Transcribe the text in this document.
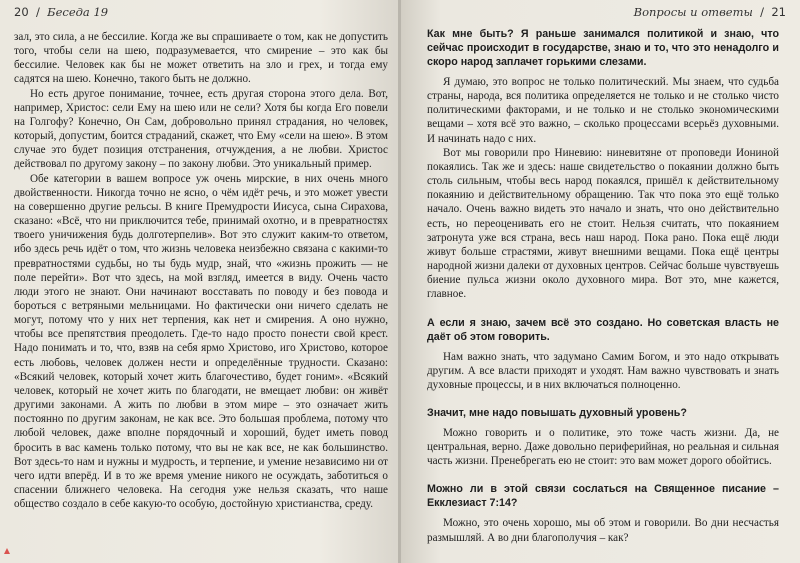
20 / Беседа 19

зал, это сила, а не бессилие. Когда же вы спрашиваете о том, как не допустить того, чтобы сели на шею, подразумевается, что смирение – это как бы бессилие. Человек как бы не может ответить на зло и грех, и тогда ему садятся на шею. Конечно, такого быть не должно.

Но есть другое понимание, точнее, есть другая сторона этого дела. Вот, например, Христос: сели Ему на шею или не сели? Хотя бы когда Его повели на Голгофу? Конечно, Он Сам, добровольно принял страдания, но человек, который, допустим, боится страданий, скажет, что Ему «сели на шею». В этом случае это будет позиция отстранения, отчуждения, а не любви. Христос действовал по другому закону – по закону любви. Это уникальный пример.

Обе категории в вашем вопросе уж очень мирские, в них очень много двойственности. Никогда точно не ясно, о чём идёт речь, и это может увести на совершенно другие рельсы. В книге Премудрости Иисуса, сына Сирахова, сказано: «Всё, что ни приключится тебе, принимай охотно, и в превратностях твоего уничижения будь долготерпелив». Вот это служит каким-то ответом, ибо здесь речь идёт о том, что жизнь человека неизбежно связана с какими-то превратностями судьбы, но ты будь мудр, знай, что «жизнь прожить — не поле перейти». Вот что здесь, на мой взгляд, имеется в виду. Очень часто люди этого не знают. Они начинают восставать по поводу и без повода и бороться с ветряными мельницами. Но фактически они ничего сделать не могут, потому что у них нет терпения, как нет и смирения. А оно нужно, чтобы все препятствия преодолеть. Где-то надо просто понести свой крест. Надо понимать и то, что, взяв на себя ярмо Христово, иго Христово, которое есть любовь, человек должен нести и определённые трудности. Сказано: «Всякий человек, который хочет жить благочестиво, будет гоним». «Всякий человек, который не хочет жить по благодати, не вмещает любви: он живёт другими законами. А жить по любви в этом мире – это означает жить постоянно по другим законам, не как все. Это большая проблема, потому что любой человек, даже вполне порядочный и хороший, будет иметь повод бросить в вас камень только потому, что вы не как все, не как большинство. Вот здесь-то нам и нужны и мудрость, и терпение, и умение независимо ни от чего идти вперёд. И в то же время умение никого не осуждать, заботиться о спасении ближнего человека. На сегодня уже нельзя сказать, что наше общество создало в себе какую-то особую, достойную христианства, среду.

Вопросы и ответы / 21
Как мне быть? Я раньше занимался политикой и знаю, что сейчас происходит в государстве, знаю и то, что это ненадолго и скоро народ заплачет горькими слезами.

Я думаю, это вопрос не только политический. Мы знаем, что судьба страны, народа, вся политика определяется не только и не столько чисто политическими факторами, и не только и не столько экономическими вещами – хотя всё это важно, – сколько процессами всерьёз духовными. И начинать надо с них.

Вот мы говорили про Ниневию: ниневитяне от проповеди Иониной покаялись. Так же и здесь: наше свидетельство о покаянии должно быть столь сильным, чтобы весь народ покаялся, пришёл к действительному покаянию и действительному обращению. Так что пока это ещё только начало. Очень важно видеть это начало и знать, что оно действительно есть, но переоценивать его не стоит. Нельзя считать, что покаянием затронута уже вся страна, весь наш народ. Пока рано. Пока ещё люди живут больше страстями, живут внешними вещами. Пока ещё центры народной жизни далеки от духовных центров. Сейчас больше чувствуешь биение пульса жизни около духовного мира. Вот это, мне кажется, главное.

А если я знаю, зачем всё это создано. Но советская власть не даёт об этом говорить.

Нам важно знать, что задумано Самим Богом, и это надо открывать другим. А все власти приходят и уходят. Нам важно чувствовать и знать духовные процессы, и в них включаться полноценно.

Значит, мне надо повышать духовный уровень?

Можно говорить и о политике, это тоже часть жизни. Да, не центральная, верно. Даже довольно периферийная, но реальная и сильная часть жизни. Пренебрегать ею не стоит: это вам может дорого обойтись.

Можно ли в этой связи сослаться на Священное писание – Екклезиаст 7:14?

Можно, это очень хорошо, мы об этом и говорили. Во дни несчастья размышляй. А во дни благополучия – как?
